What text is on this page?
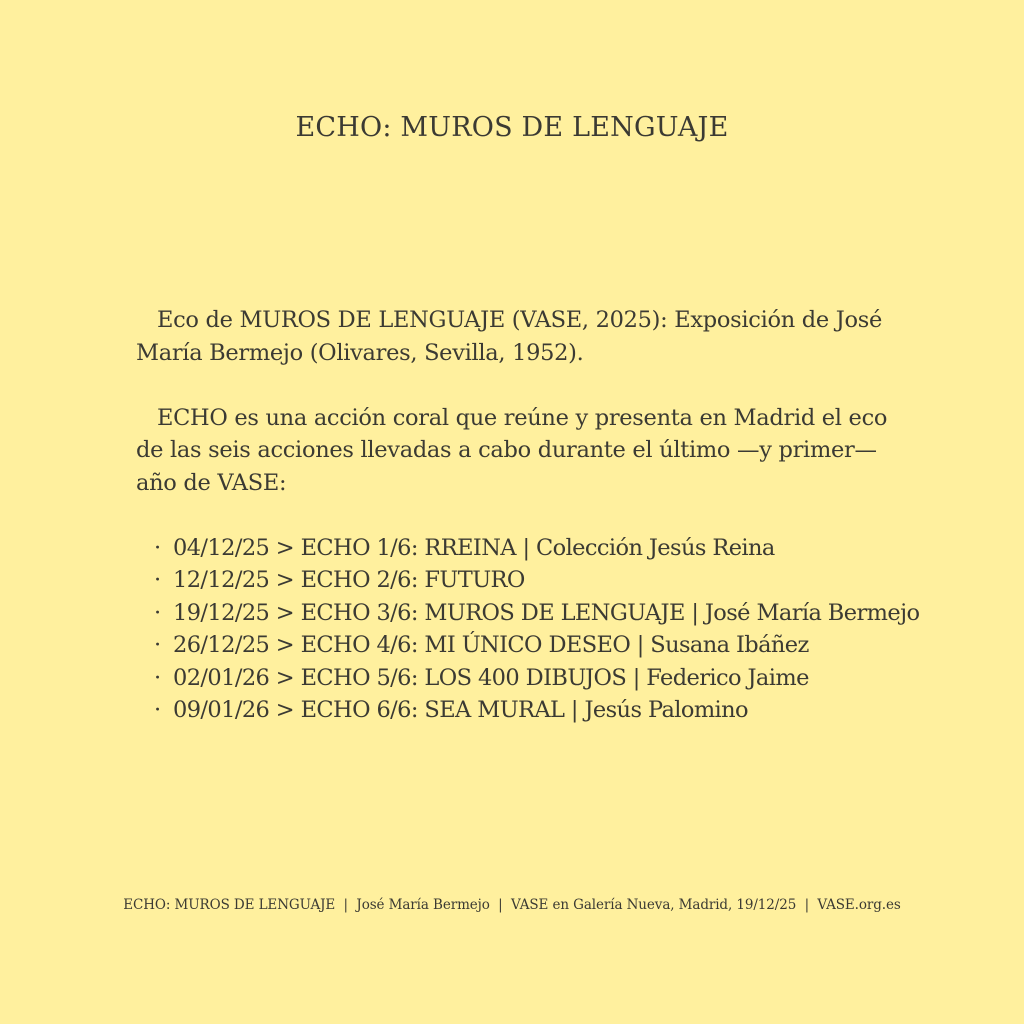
ECHO: MUROS DE LENGUAJE

Eco de MUROS DE LENGUAJE (VASE, 2025): Exposición de José María Bermejo (Olivares, Sevilla, 1952).

ECHO es una acción coral que reúne y presenta en Madrid el eco de las seis acciones llevadas a cabo durante el último —y primer— año de VASE:

· 04/12/25 > ECHO 1/6: RREINA | Colección Jesús Reina
· 12/12/25 > ECHO 2/6: FUTURO
· 19/12/25 > ECHO 3/6: MUROS DE LENGUAJE | José María Bermejo
· 26/12/25 > ECHO 4/6: MI ÚNICO DESEO | Susana Ibáñez
· 02/01/26 > ECHO 5/6: LOS 400 DIBUJOS | Federico Jaime
· 09/01/26 > ECHO 6/6: SEA MURAL | Jesús Palomino
ECHO: MUROS DE LENGUAJE  |  José María Bermejo  |  VASE en Galería Nueva, Madrid, 19/12/25  |  VASE.org.es
